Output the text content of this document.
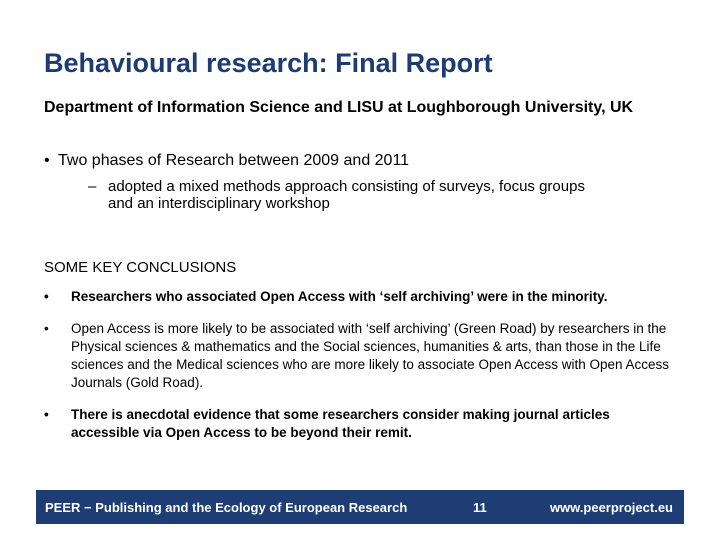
Behavioural research: Final Report
Department of Information Science and LISU at Loughborough University, UK
• Two phases of Research between 2009 and 2011
– adopted a mixed methods approach consisting of surveys, focus groups and an interdisciplinary workshop
SOME KEY CONCLUSIONS
• Researchers who associated Open Access with ‘self archiving’ were in the minority.
• Open Access is more likely to be associated with ‘self archiving’ (Green Road) by researchers in the Physical sciences & mathematics and the Social sciences, humanities & arts, than those in the Life sciences and the Medical sciences who are more likely to associate Open Access with Open Access Journals (Gold Road).
• There is anecdotal evidence that some researchers consider making journal articles accessible via Open Access to be beyond their remit.
PEER − Publishing and the Ecology of European Research	11	www.peerproject.eu
